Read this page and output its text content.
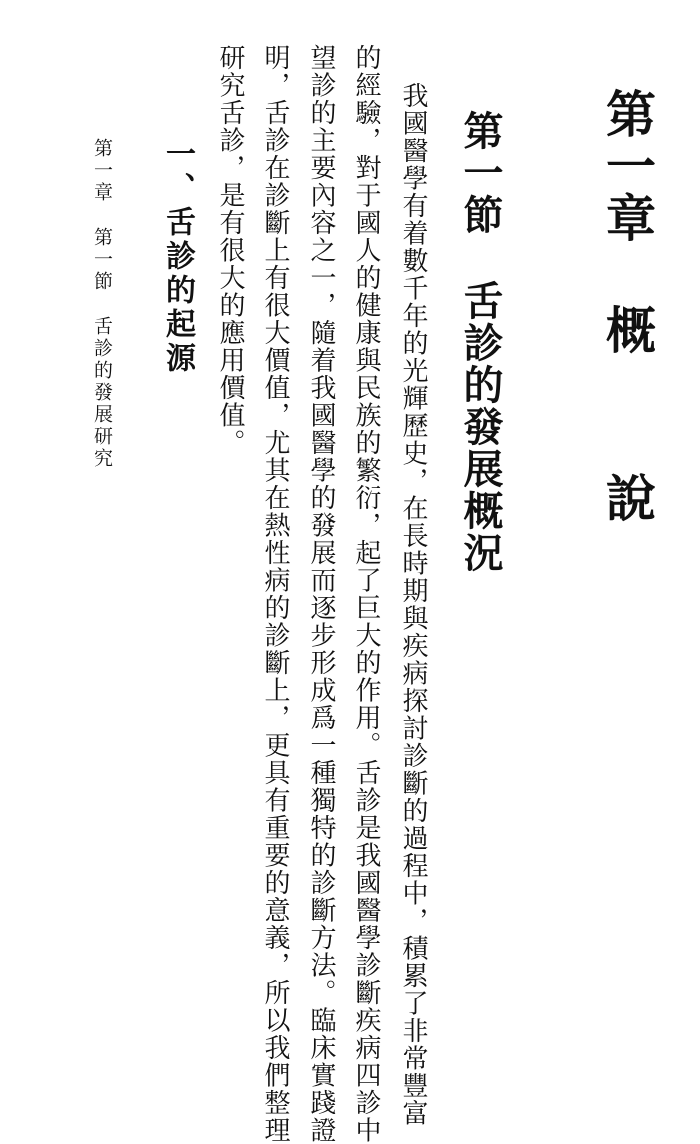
第一章概說
第一節舌診的發展概況
我國醫學有着數千年的光輝歷史，在長時期與疾病探討診斷的過程中，積累了非常豐富
的經驗，對于國人的健康與民族的繁衍，起了巨大的作用。舌診是我國醫學診斷疾病四診中
望診的主要內容之一，隨着我國醫學的發展而逐步形成爲一種獨特的診斷方法。臨床實踐證
明，舌診在診斷上有很大價值，尤其在熱性病的診斷上，更具有重要的意義，所以我們整理
研究舌診，是有很大的應用價值。
一、舌診的起源
第一章第一節舌診的發展研究
